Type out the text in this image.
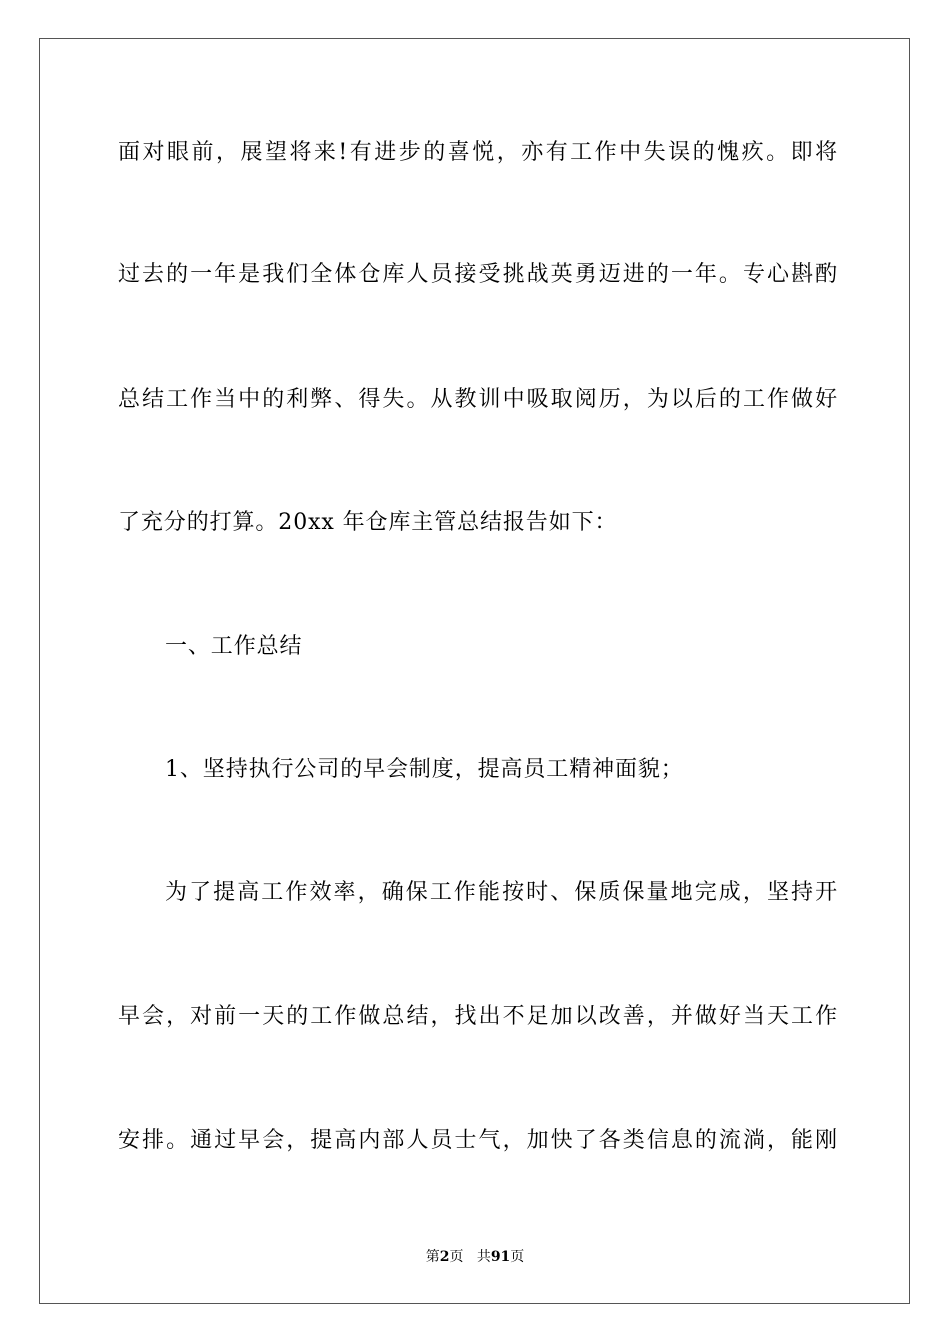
面对眼前，展望将来!有进步的喜悦，亦有工作中失误的愧疚。即将
过去的一年是我们全体仓库人员接受挑战英勇迈进的一年。专心斟酌
总结工作当中的利弊、得失。从教训中吸取阅历，为以后的工作做好
了充分的打算。20xx 年仓库主管总结报告如下：
一、工作总结
1、坚持执行公司的早会制度，提高员工精神面貌；
为了提高工作效率，确保工作能按时、保质保量地完成，坚持开
早会，对前一天的工作做总结，找出不足加以改善，并做好当天工作
安排。通过早会，提高内部人员士气，加快了各类信息的流淌，能刚
第2页 共91页
